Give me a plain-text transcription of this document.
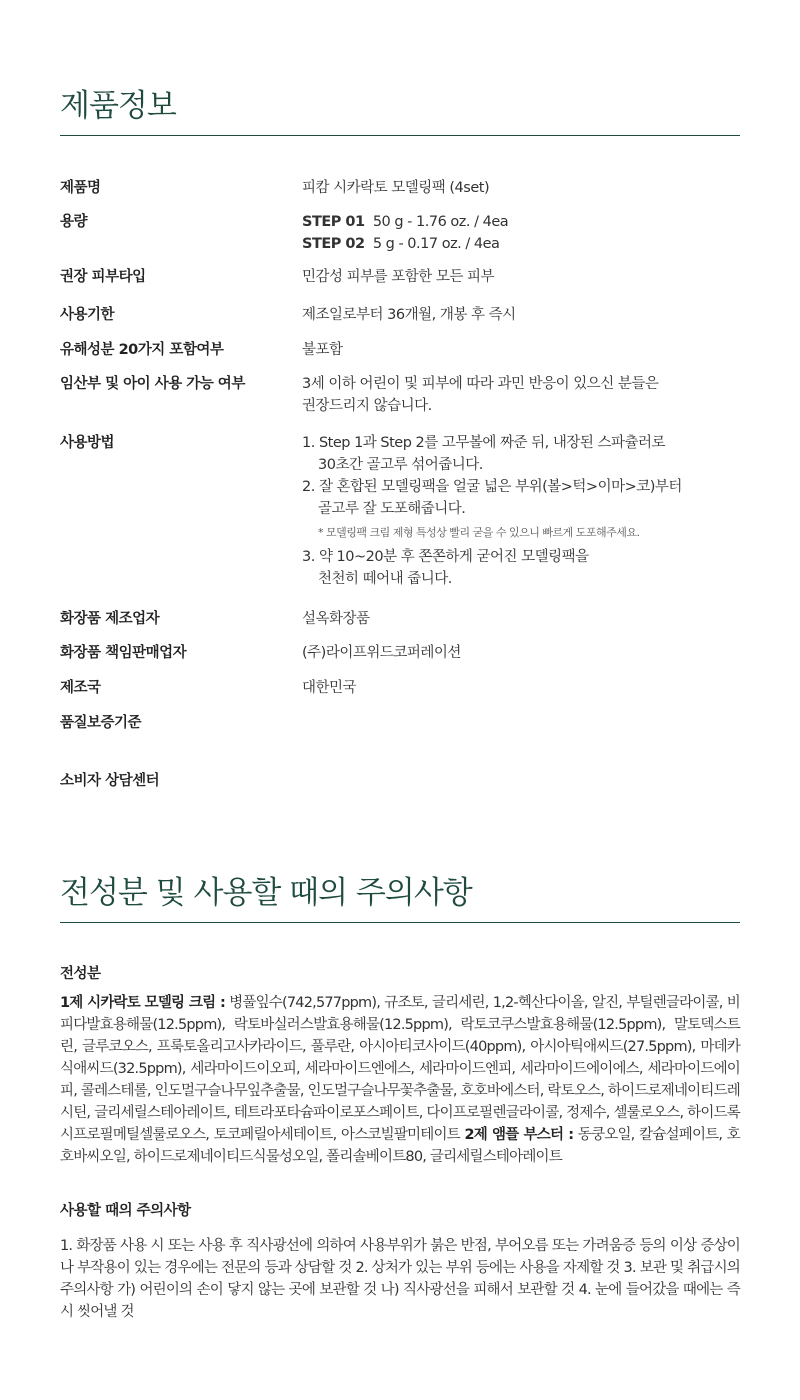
제품정보
제품명	피캄 시카락토 모델링팩 (4set)
용량	STEP 01 50 g - 1.76 oz. / 4ea
STEP 02 5 g - 0.17 oz. / 4ea
권장 피부타입	민감성 피부를 포함한 모든 피부
사용기한	제조일로부터 36개월, 개봉 후 즉시
유해성분 20가지 포함여부	불포함
임산부 및 아이 사용 가능 여부	3세 이하 어린이 및 피부에 따라 과민 반응이 있으신 분들은
권장드리지 않습니다.
사용방법	1. Step 1과 Step 2를 고무볼에 짜준 뒤, 내장된 스파츌러로
30초간 골고루 섞어줍니다.
2. 잘 혼합된 모델링팩을 얼굴 넓은 부위(볼>턱>이마>코)부터
골고루 잘 도포해줍니다.
* 모델링팩 크림 제형 특성상 빨리 굳을 수 있으니 빠르게 도포해주세요.
3. 약 10~20분 후 쫀쫀하게 굳어진 모델링팩을
천천히 떼어내 줍니다.
화장품 제조업자	설옥화장품
화장품 책임판매업자	(주)라이프위드코퍼레이션
제조국	대한민국
품질보증기준
소비자 상담센터
전성분 및 사용할 때의 주의사항
전성분

1제 시카락토 모델링 크림 : 병풀잎수(742,577ppm), 규조토, 글리세린, 1,2-헥산다이올, 알진, 부틸렌글라이콜, 비피다발효용해물(12.5ppm), 락토바실러스발효용해물(12.5ppm), 락토코쿠스발효용해물(12.5ppm), 말토덱스트린, 글루코오스, 프룩토올리고사카라이드, 풀루란, 아시아티코사이드(40ppm), 아시아틱애씨드(27.5ppm), 마데카식애씨드(32.5ppm), 세라마이드이오피, 세라마이드엔에스, 세라마이드엔피, 세라마이드에이에스, 세라마이드에이피, 콜레스테롤, 인도멀구슬나무잎추출물, 인도멀구슬나무꽃추출물, 호호바에스터, 락토오스, 하이드로제네이티드레시틴, 글리세릴스테아레이트, 테트라포타슘파이로포스페이트, 다이프로필렌글라이콜, 정제수, 셀룰로오스, 하이드록시프로필메틸셀룰로오스, 토코페릴아세테이트, 아스코빌팔미테이트 2제 앰플 부스터 : 동쿵오일, 칼슘설페이트, 호호바씨오일, 하이드로제네이티드식물성오일, 폴리솔베이트80, 글리세릴스테아레이트

사용할 때의 주의사항

1. 화장품 사용 시 또는 사용 후 직사광선에 의하여 사용부위가 붉은 반점, 부어오름 또는 가려움증 등의 이상 증상이나 부작용이 있는 경우에는 전문의 등과 상담할 것 2. 상처가 있는 부위 등에는 사용을 자제할 것 3. 보관 및 취급시의 주의사항 가) 어린이의 손이 닿지 않는 곳에 보관할 것 나) 직사광선을 피해서 보관할 것 4. 눈에 들어갔을 때에는 즉시 씻어낼 것
